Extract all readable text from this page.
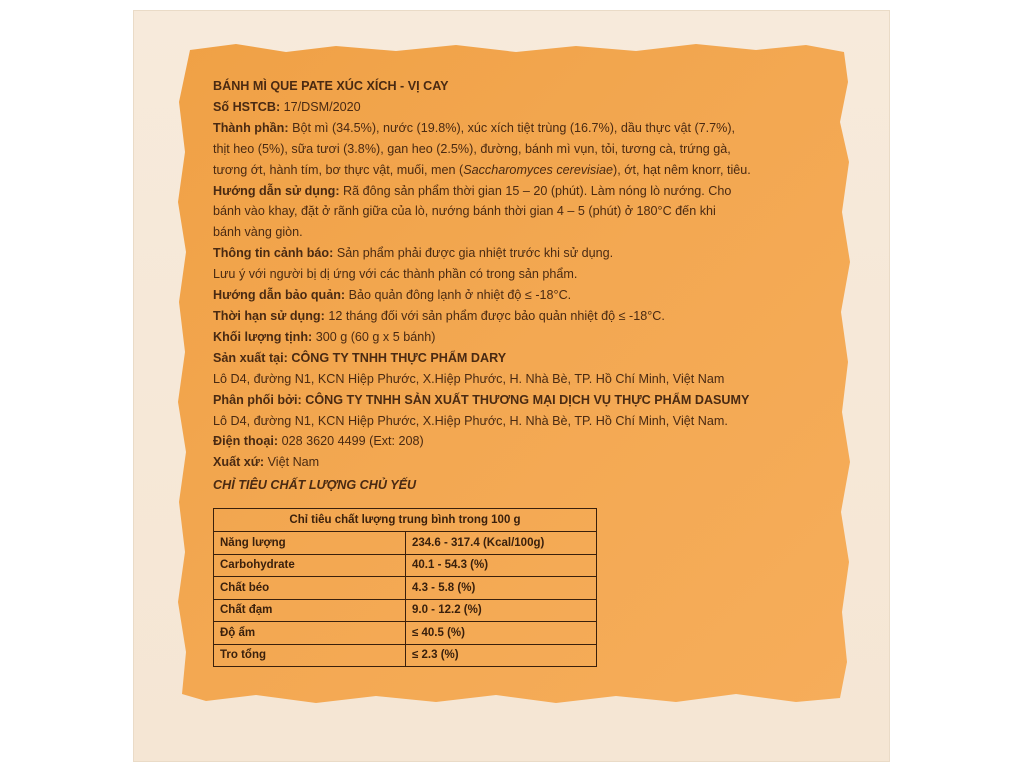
BÁNH MÌ QUE PATE XÚC XÍCH - VỊ CAY
Số HSTCB: 17/DSM/2020
Thành phần: Bột mì (34.5%), nước (19.8%), xúc xích tiệt trùng (16.7%), dầu thực vật (7.7%),
thịt heo (5%), sữa tươi (3.8%), gan heo (2.5%), đường, bánh mì vụn, tỏi, tương cà, trứng gà,
tương ớt, hành tím, bơ thực vật, muối, men (Saccharomyces cerevisiae), ớt, hạt nêm knorr, tiêu.
Hướng dẫn sử dụng: Rã đông sản phẩm thời gian 15 – 20 (phút). Làm nóng lò nướng. Cho
bánh vào khay, đặt ở rãnh giữa của lò, nướng bánh thời gian 4 – 5 (phút) ở 180°C đến khi
bánh vàng giòn.
Thông tin cảnh báo: Sản phẩm phải được gia nhiệt trước khi sử dụng.
Lưu ý với người bị dị ứng với các thành phần có trong sản phẩm.
Hướng dẫn bảo quản: Bảo quản đông lạnh ở nhiệt độ ≤ -18°C.
Thời hạn sử dụng: 12 tháng đối với sản phẩm được bảo quản nhiệt độ ≤ -18°C.
Khối lượng tịnh: 300 g (60 g x 5 bánh)
Sản xuất tại: CÔNG TY TNHH THỰC PHẨM DARY
Lô D4, đường N1, KCN Hiệp Phước, X.Hiệp Phước, H. Nhà Bè, TP. Hồ Chí Minh, Việt Nam
Phân phối bởi: CÔNG TY TNHH SẢN XUẤT THƯƠNG MẠI DỊCH VỤ THỰC PHẨM DASUMY
Lô D4, đường N1, KCN Hiệp Phước, X.Hiệp Phước, H. Nhà Bè, TP. Hồ Chí Minh, Việt Nam.
Điện thoại: 028 3620 4499 (Ext: 208)
Xuất xứ: Việt Nam
CHỈ TIÊU CHẤT LƯỢNG CHỦ YẾU
Chỉ tiêu chất lượng trung bình trong 100 g	
Năng lượng	234.6 - 317.4 (Kcal/100g)
Carbohydrate	40.1 - 54.3 (%)
Chất béo	4.3 - 5.8 (%)
Chất đạm	9.0 - 12.2 (%)
Độ ẩm	≤ 40.5 (%)
Tro tổng	≤ 2.3 (%)
